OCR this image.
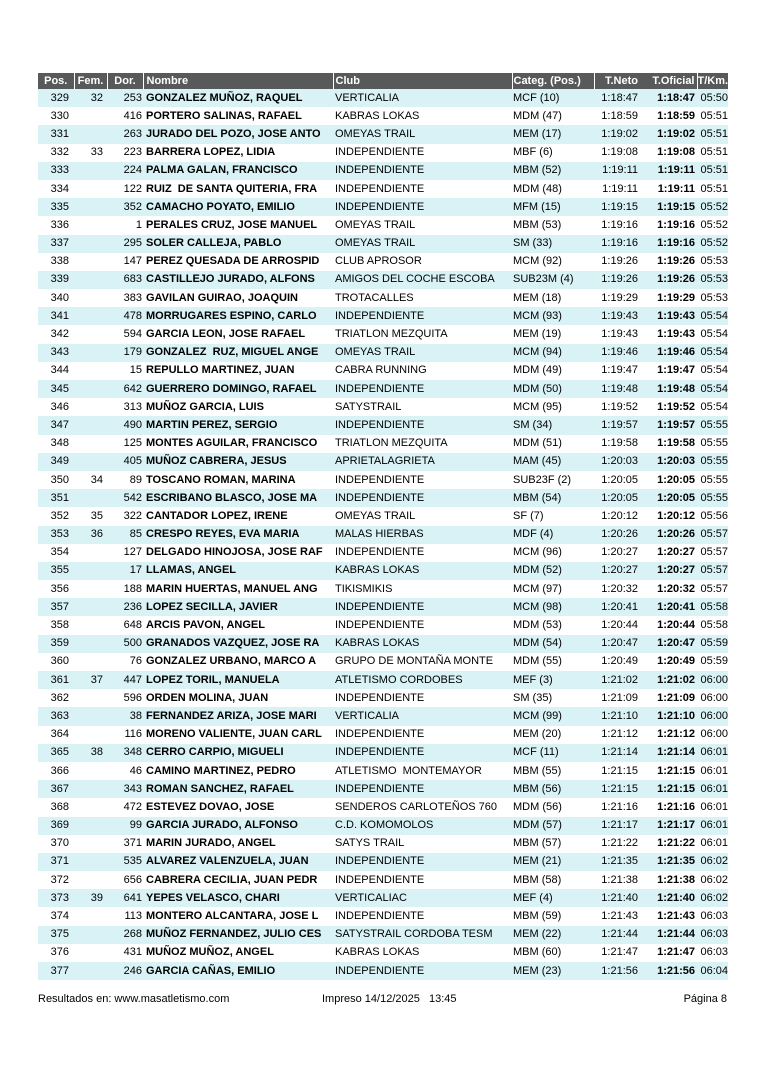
Pos.	Fem.	Dor.	Nombre	Club	Categ. (Pos.)	T.Neto	T.Oficial	T/Km.
329	32	253	GONZALEZ MUÑOZ, RAQUEL	VERTICALIA	MCF (10)	1:18:47	1:18:47	05:50
330		416	PORTERO SALINAS, RAFAEL	KABRAS LOKAS	MDM (47)	1:18:59	1:18:59	05:51
331		263	JURADO DEL POZO, JOSE ANTO	OMEYAS TRAIL	MEM (17)	1:19:02	1:19:02	05:51
332	33	223	BARRERA LOPEZ, LIDIA	INDEPENDIENTE	MBF (6)	1:19:08	1:19:08	05:51
333		224	PALMA GALAN, FRANCISCO	INDEPENDIENTE	MBM (52)	1:19:11	1:19:11	05:51
334		122	RUIZ  DE SANTA QUITERIA, FRA	INDEPENDIENTE	MDM (48)	1:19:11	1:19:11	05:51
335		352	CAMACHO POYATO, EMILIO	INDEPENDIENTE	MFM (15)	1:19:15	1:19:15	05:52
336		1	PERALES CRUZ, JOSE MANUEL	OMEYAS TRAIL	MBM (53)	1:19:16	1:19:16	05:52
337		295	SOLER CALLEJA, PABLO	OMEYAS TRAIL	SM (33)	1:19:16	1:19:16	05:52
338		147	PEREZ QUESADA DE ARROSPID	CLUB APROSOR	MCM (92)	1:19:26	1:19:26	05:53
339		683	CASTILLEJO JURADO, ALFONS	AMIGOS DEL COCHE ESCOBA	SUB23M (4)	1:19:26	1:19:26	05:53
340		383	GAVILAN GUIRAO, JOAQUIN	TROTACALLES	MEM (18)	1:19:29	1:19:29	05:53
341		478	MORRUGARES ESPINO, CARLO	INDEPENDIENTE	MCM (93)	1:19:43	1:19:43	05:54
342		594	GARCIA LEON, JOSE RAFAEL	TRIATLON MEZQUITA	MEM (19)	1:19:43	1:19:43	05:54
343		179	GONZALEZ  RUZ, MIGUEL ANGE	OMEYAS TRAIL	MCM (94)	1:19:46	1:19:46	05:54
344		15	REPULLO MARTINEZ, JUAN	CABRA RUNNING	MDM (49)	1:19:47	1:19:47	05:54
345		642	GUERRERO DOMINGO, RAFAEL	INDEPENDIENTE	MDM (50)	1:19:48	1:19:48	05:54
346		313	MUÑOZ GARCIA, LUIS	SATYSTRAIL	MCM (95)	1:19:52	1:19:52	05:54
347		490	MARTIN PEREZ, SERGIO	INDEPENDIENTE	SM (34)	1:19:57	1:19:57	05:55
348		125	MONTES AGUILAR, FRANCISCO	TRIATLON MEZQUITA	MDM (51)	1:19:58	1:19:58	05:55
349		405	MUÑOZ CABRERA, JESUS	APRIETALAGRIETA	MAM (45)	1:20:03	1:20:03	05:55
350	34	89	TOSCANO ROMAN, MARINA	INDEPENDIENTE	SUB23F (2)	1:20:05	1:20:05	05:55
351		542	ESCRIBANO BLASCO, JOSE MA	INDEPENDIENTE	MBM (54)	1:20:05	1:20:05	05:55
352	35	322	CANTADOR LOPEZ, IRENE	OMEYAS TRAIL	SF (7)	1:20:12	1:20:12	05:56
353	36	85	CRESPO REYES, EVA MARIA	MALAS HIERBAS	MDF (4)	1:20:26	1:20:26	05:57
354		127	DELGADO HINOJOSA, JOSE RAF	INDEPENDIENTE	MCM (96)	1:20:27	1:20:27	05:57
355		17	LLAMAS, ANGEL	KABRAS LOKAS	MDM (52)	1:20:27	1:20:27	05:57
356		188	MARIN HUERTAS, MANUEL ANG	TIKISMIKIS	MCM (97)	1:20:32	1:20:32	05:57
357		236	LOPEZ SECILLA, JAVIER	INDEPENDIENTE	MCM (98)	1:20:41	1:20:41	05:58
358		648	ARCIS PAVON, ANGEL	INDEPENDIENTE	MDM (53)	1:20:44	1:20:44	05:58
359		500	GRANADOS VAZQUEZ, JOSE RA	KABRAS LOKAS	MDM (54)	1:20:47	1:20:47	05:59
360		76	GONZALEZ URBANO, MARCO A	GRUPO DE MONTAÑA MONTE	MDM (55)	1:20:49	1:20:49	05:59
361	37	447	LOPEZ TORIL, MANUELA	ATLETISMO CORDOBES	MEF (3)	1:21:02	1:21:02	06:00
362		596	ORDEN MOLINA, JUAN	INDEPENDIENTE	SM (35)	1:21:09	1:21:09	06:00
363		38	FERNANDEZ ARIZA, JOSE MARI	VERTICALIA	MCM (99)	1:21:10	1:21:10	06:00
364		116	MORENO VALIENTE, JUAN CARL	INDEPENDIENTE	MEM (20)	1:21:12	1:21:12	06:00
365	38	348	CERRO CARPIO, MIGUELI	INDEPENDIENTE	MCF (11)	1:21:14	1:21:14	06:01
366		46	CAMINO MARTINEZ, PEDRO	ATLETISMO  MONTEMAYOR	MBM (55)	1:21:15	1:21:15	06:01
367		343	ROMAN SANCHEZ, RAFAEL	INDEPENDIENTE	MBM (56)	1:21:15	1:21:15	06:01
368		472	ESTEVEZ DOVAO, JOSE	SENDEROS CARLOTEÑOS 760	MDM (56)	1:21:16	1:21:16	06:01
369		99	GARCIA JURADO, ALFONSO	C.D. KOMOMOLOS	MDM (57)	1:21:17	1:21:17	06:01
370		371	MARIN JURADO, ANGEL	SATYS TRAIL	MBM (57)	1:21:22	1:21:22	06:01
371		535	ALVAREZ VALENZUELA, JUAN	INDEPENDIENTE	MEM (21)	1:21:35	1:21:35	06:02
372		656	CABRERA CECILIA, JUAN PEDR	INDEPENDIENTE	MBM (58)	1:21:38	1:21:38	06:02
373	39	641	YEPES VELASCO, CHARI	VERTICALIAC	MEF (4)	1:21:40	1:21:40	06:02
374		113	MONTERO ALCANTARA, JOSE L	INDEPENDIENTE	MBM (59)	1:21:43	1:21:43	06:03
375		268	MUÑOZ FERNANDEZ, JULIO CES	SATYSTRAIL CORDOBA TESM	MEM (22)	1:21:44	1:21:44	06:03
376		431	MUÑOZ MUÑOZ, ANGEL	KABRAS LOKAS	MBM (60)	1:21:47	1:21:47	06:03
377		246	GARCIA CAÑAS, EMILIO	INDEPENDIENTE	MEM (23)	1:21:56	1:21:56	06:04
Resultados en: www.masatletismo.com	Impreso 14/12/2025   13:45	Página 8
